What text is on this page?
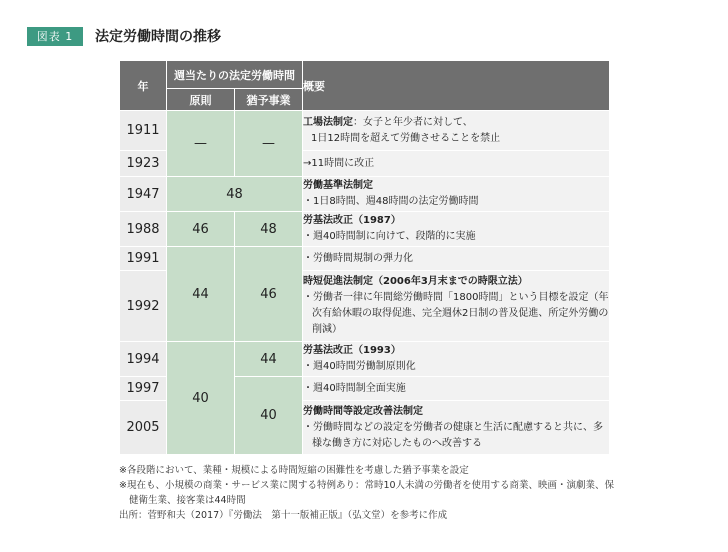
図表 1	法定労働時間の推移
年	週当たりの法定労働時間		概要
	原則	猶予事業	
1911	—	—	工場法制定：女子と年少者に対して、
1日12時間を超えて労働させることを禁止

1923			→11時間に改正

1947	48		労働基準法制定
・1日8時間、週48時間の法定労働時間

1988	46	48	労基法改正（1987）
・週40時間制に向けて、段階的に実施

1991	44	46	・労働時間規制の弾力化

1992			時短促進法制定（2006年3月末までの時限立法）
・労働者一律に年間総労働時間「1800時間」という目標を設定（年次有給休暇の取得促進、完全週休2日制の普及促進、所定外労働の削減）

1994	40	44	労基法改正（1993）
・週40時間労働制原則化

1997		40	・週40時間制全面実施

2005			労働時間等設定改善法制定
・労働時間などの設定を労働者の健康と生活に配慮すると共に、多様な働き方に対応したものへ改善する
※各段階において、業種・規模による時間短縮の困難性を考慮した猶予事業を設定
※現在も、小規模の商業・サービス業に関する特例あり：常時10人未満の労働者を使用する商業、映画・演劇業、保健衛生業、接客業は44時間
出所：菅野和夫（2017）『労働法　第十一版補正版』（弘文堂）を参考に作成
